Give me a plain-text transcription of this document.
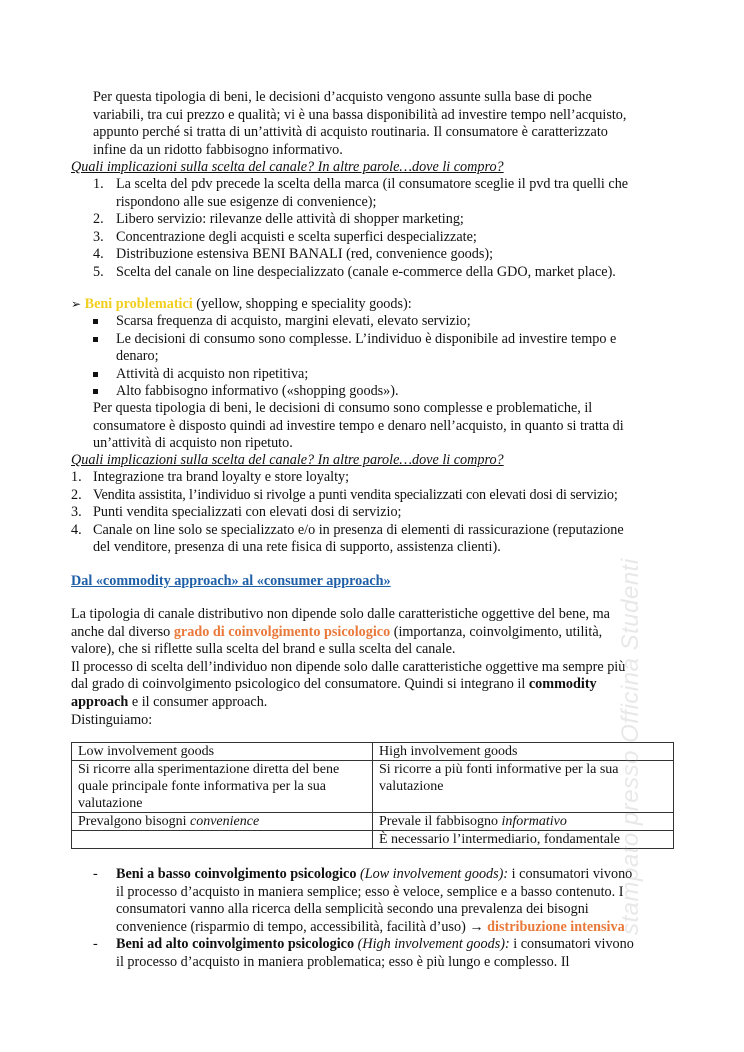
Per questa tipologia di beni, le decisioni d’acquisto vengono assunte sulla base di poche
variabili, tra cui prezzo e qualità; vi è una bassa disponibilità ad investire tempo nell’acquisto,
appunto perché si tratta di un’attività di acquisto routinaria. Il consumatore è caratterizzato
infine da un ridotto fabbisogno informativo.
Quali implicazioni sulla scelta del canale? In altre parole…dove li compro?
1. La scelta del pdv precede la scelta della marca (il consumatore sceglie il pvd tra quelli che
rispondono alle sue esigenze di convenience);
2. Libero servizio: rilevanze delle attività di shopper marketing;
3. Concentrazione degli acquisti e scelta superfici despecializzate;
4. Distribuzione estensiva BENI BANALI (red, convenience goods);
5. Scelta del canale on line despecializzato (canale e-commerce della GDO, market place).
➢ Beni problematici (yellow, shopping e speciality goods):
Scarsa frequenza di acquisto, margini elevati, elevato servizio;
Le decisioni di consumo sono complesse. L’individuo è disponibile ad investire tempo e
denaro;
Attività di acquisto non ripetitiva;
Alto fabbisogno informativo («shopping goods»).
Per questa tipologia di beni, le decisioni di consumo sono complesse e problematiche, il
consumatore è disposto quindi ad investire tempo e denaro nell’acquisto, in quanto si tratta di
un’attività di acquisto non ripetuto.
Quali implicazioni sulla scelta del canale? In altre parole…dove li compro?
1. Integrazione tra brand loyalty e store loyalty;
2. Vendita assistita, l’individuo si rivolge a punti vendita specializzati con elevati dosi di servizio;
3. Punti vendita specializzati con elevati dosi di servizio;
4. Canale on line solo se specializzato e/o in presenza di elementi di rassicurazione (reputazione
del venditore, presenza di una rete fisica di supporto, assistenza clienti).
Dal «commodity approach» al «consumer approach»
La tipologia di canale distributivo non dipende solo dalle caratteristiche oggettive del bene, ma
anche dal diverso grado di coinvolgimento psicologico (importanza, coinvolgimento, utilità,
valore), che si riflette sulla scelta del brand e sulla scelta del canale.
Il processo di scelta dell’individuo non dipende solo dalle caratteristiche oggettive ma sempre più
dal grado di coinvolgimento psicologico del consumatore. Quindi si integrano il commodity
approach e il consumer approach.
Distinguiamo:
Low involvement goods	High involvement goods
Si ricorre alla sperimentazione diretta del bene quale principale fonte informativa per la sua valutazione	Si ricorre a più fonti informative per la sua valutazione
Prevalgono bisogni convenience	Prevale il fabbisogno informativo
	È necessario l’intermediario, fondamentale
- Beni a basso coinvolgimento psicologico (Low involvement goods): i consumatori vivono
il processo d’acquisto in maniera semplice; esso è veloce, semplice e a basso contenuto. I
consumatori vanno alla ricerca della semplicità secondo una prevalenza dei bisogni
convenience (risparmio di tempo, accessibilità, facilità d’uso) → distribuzione intensiva
- Beni ad alto coinvolgimento psicologico (High involvement goods): i consumatori vivono
il processo d’acquisto in maniera problematica; esso è più lungo e complesso. Il
stampato presso Officina Studenti
